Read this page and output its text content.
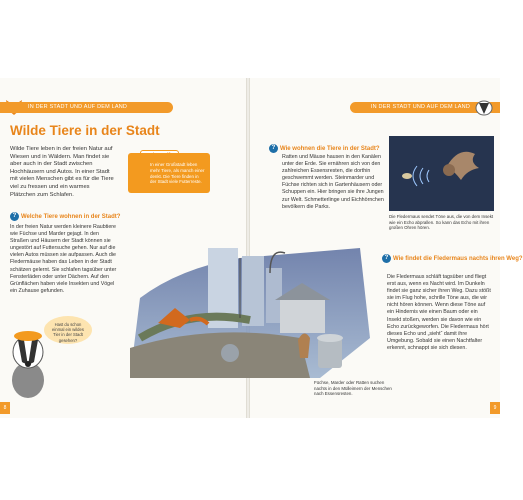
IN DER STADT UND AUF DEM LAND
Wilde Tiere in der Stadt
Wilde Tiere leben in der freien Natur auf Wiesen und in Wäldern. Man findet sie aber auch in der Stadt zwischen Hochhäusern und Autos. In einer Stadt mit vielen Menschen gibt es für die Tiere viel zu fressen und ein warmes Plätzchen zum Schlafen.
In einer Großstadt leben mehr Tiere, als manch einer denkt. Die Tiere finden in der Stadt viele Futterreste.
? Welche Tiere wohnen in der Stadt?
In der freien Natur werden kleinere Raubtiere wie Füchse und Marder gejagt. In den Straßen und Häusern der Stadt können sie ungestört auf Futtersuche gehen. Nur auf die vielen Autos müssen sie aufpassen. Auch die Fledermäuse haben das Leben in der Stadt schätzen gelernt. Sie schlafen tagsüber unter Fensterläden oder unter Dächern. Auf den Grünflächen haben viele Insekten und Vögel ein Zuhause gefunden.
Hast du schon einmal ein wildes Tier in der Stadt gesehen?
8
IN DER STADT UND AUF DEM LAND
? Wie wohnen die Tiere in der Stadt?
Ratten und Mäuse hausen in den Kanälen unter der Erde. Sie ernähren sich von den zahlreichen Essensresten, die dorthin geschwemmt werden. Steinmarder und Füchse richten sich in Gartenhäusern oder Schuppen ein. Hier bringen sie ihre Jungen zur Welt. Schmetterlinge und Eichhörnchen bevölkern die Parks.
Die Fledermaus sendet Töne aus, die von dem Insekt wie ein Echo abprallen. So kann das Echo mit ihren großen Ohren hören.
? Wie findet die Fledermaus nachts ihren Weg?
Die Fledermaus schläft tagsüber und fliegt erst aus, wenn es Nacht wird. Im Dunkeln findet sie ganz sicher ihren Weg. Dazu stößt sie im Flug hohe, schrille Töne aus, die wir nicht hören können. Wenn diese Töne auf ein Hindernis wie einen Baum oder ein Insekt stoßen, werden sie davon wie ein Echo zurückgeworfen. Die Fledermaus hört dieses Echo und „sieht“ damit ihre Umgebung. Sobald sie einen Nachtfalter erkennt, schnappt sie sich diesen.
Füchse, Marder oder Ratten suchen nachts in den Mülleimern der Menschen nach Essensresten.
9
